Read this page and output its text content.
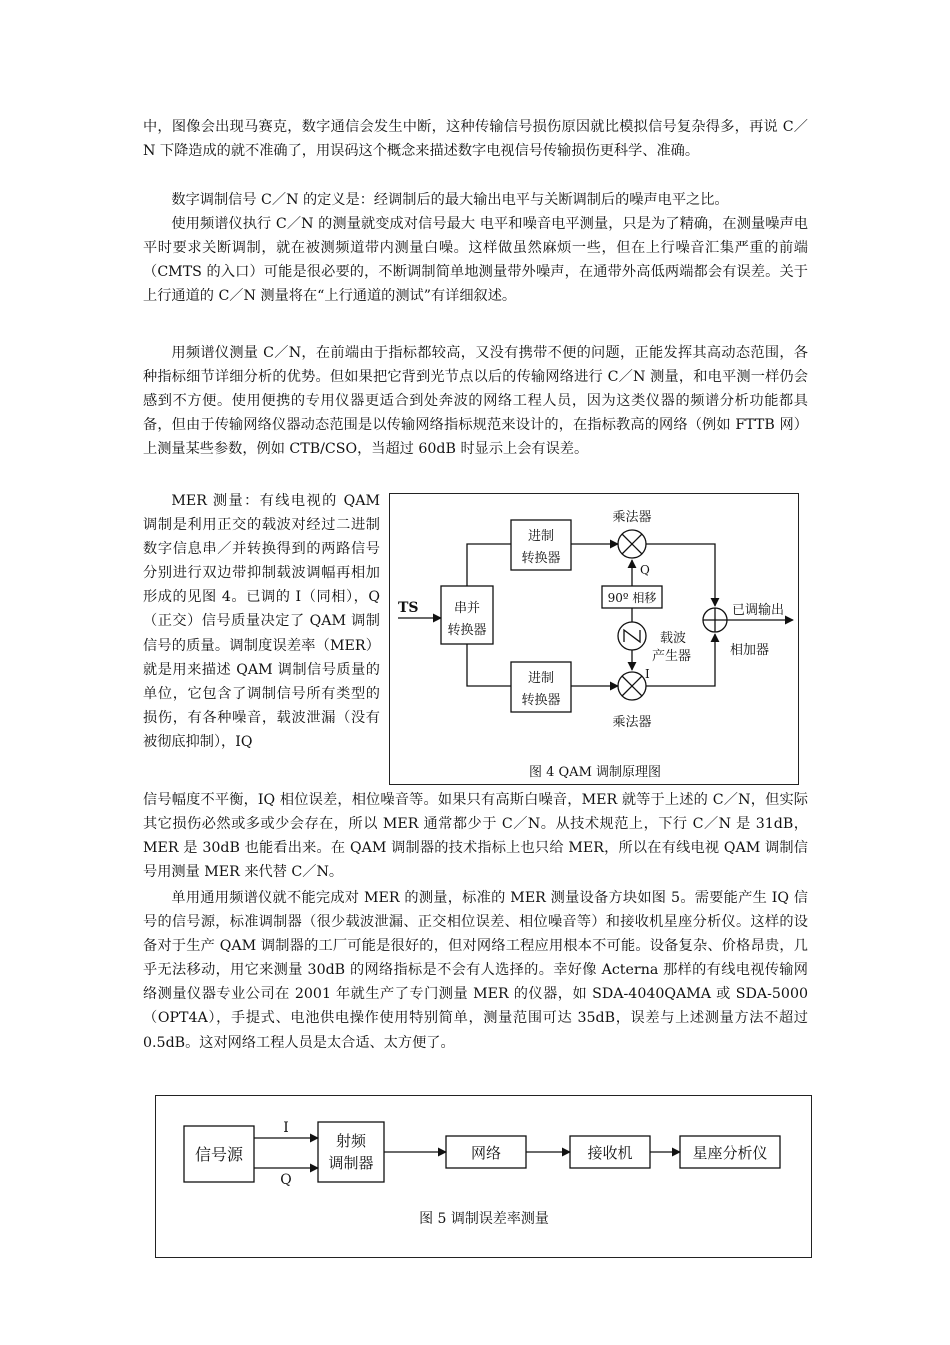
中，图像会出现马赛克，数字通信会发生中断，这种传输信号损伤原因就比模拟信号复杂得多，再说 C／N 下降造成的就不准确了，用误码这个概念来描述数字电视信号传输损伤更科学、准确。

数字调制信号 C／N 的定义是：经调制后的最大输出电平与关断调制后的噪声电平之比。

使用频谱仪执行 C／N 的测量就变成对信号最大 电平和噪音电平测量，只是为了精确，在测量噪声电平时要求关断调制，就在被测频道带内测量白噪。这样做虽然麻烦一些，但在上行噪音汇集严重的前端（CMTS 的入口）可能是很必要的，不断调制简单地测量带外噪声，在通带外高低两端都会有误差。关于上行通道的 C／N 测量将在“上行通道的测试”有详细叙述。

用频谱仪测量 C／N，在前端由于指标都较高，又没有携带不便的问题，正能发挥其高动态范围，各种指标细节详细分析的优势。但如果把它背到光节点以后的传输网络进行 C／N 测量，和电平测一样仍会感到不方便。使用便携的专用仪器更适合到处奔波的网络工程人员，因为这类仪器的频谱分析功能都具备，但由于传输网络仪器动态范围是以传输网络指标规范来设计的，在指标教高的网络（例如 FTTB 网）上测量某些参数，例如 CTB/CSO，当超过 60dB 时显示上会有误差。

MER 测量：有线电视的 QAM 调制是利用正交的载波对经过二进制数字信息串／并转换得到的两路信号分别进行双边带抑制载波调幅再相加形成的见图 4。已调的 I（同相），Q（正交）信号质量决定了 QAM 调制信号的质量。调制度误差率（MER）就是用来描述 QAM 调制信号质量的单位，它包含了调制信号所有类型的损伤，有各种噪音，载波泄漏（没有被彻底抑制），IQ

信号幅度不平衡，IQ 相位误差，相位噪音等。如果只有高斯白噪音，MER 就等于上述的 C／N，但实际其它损伤必然或多或少会存在，所以 MER 通常都少于 C／N。从技术规范上，下行 C／N 是 31dB，MER 是 30dB 也能看出来。在 QAM 调制器的技术指标上也只给 MER，所以在有线电视 QAM 调制信号用测量 MER 来代替 C／N。

单用通用频谱仪就不能完成对 MER 的测量，标准的 MER 测量设备方块如图 5。需要能产生 IQ 信号的信号源，标准调制器（很少载波泄漏、正交相位误差、相位噪音等）和接收机星座分析仪。这样的设备对于生产 QAM 调制器的工厂可能是很好的，但对网络工程应用根本不可能。设备复杂、价格昂贵，几乎无法移动，用它来测量 30dB 的网络指标是不会有人选择的。幸好像 Acterna 那样的有线电视传输网络测量仪器专业公司在 2001 年就生产了专门测量 MER 的仪器，如 SDA-4040QAMA 或 SDA-5000（OPT4A），手提式、电池供电操作使用特别简单，测量范围可达 35dB，误差与上述测量方法不超过 0.5dB。这对网络工程人员是太合适、太方便了。

TS	串并
转换器
进制
转换器
进制
转换器
乘法器
乘法器
Q
I
90º 相移
载波
产生器
已调输出
相加器
图 4 QAM 调制原理图
信号源
I
Q
射频
调制器
网络	接收机	星座分析仪
图 5 调制误差率测量
